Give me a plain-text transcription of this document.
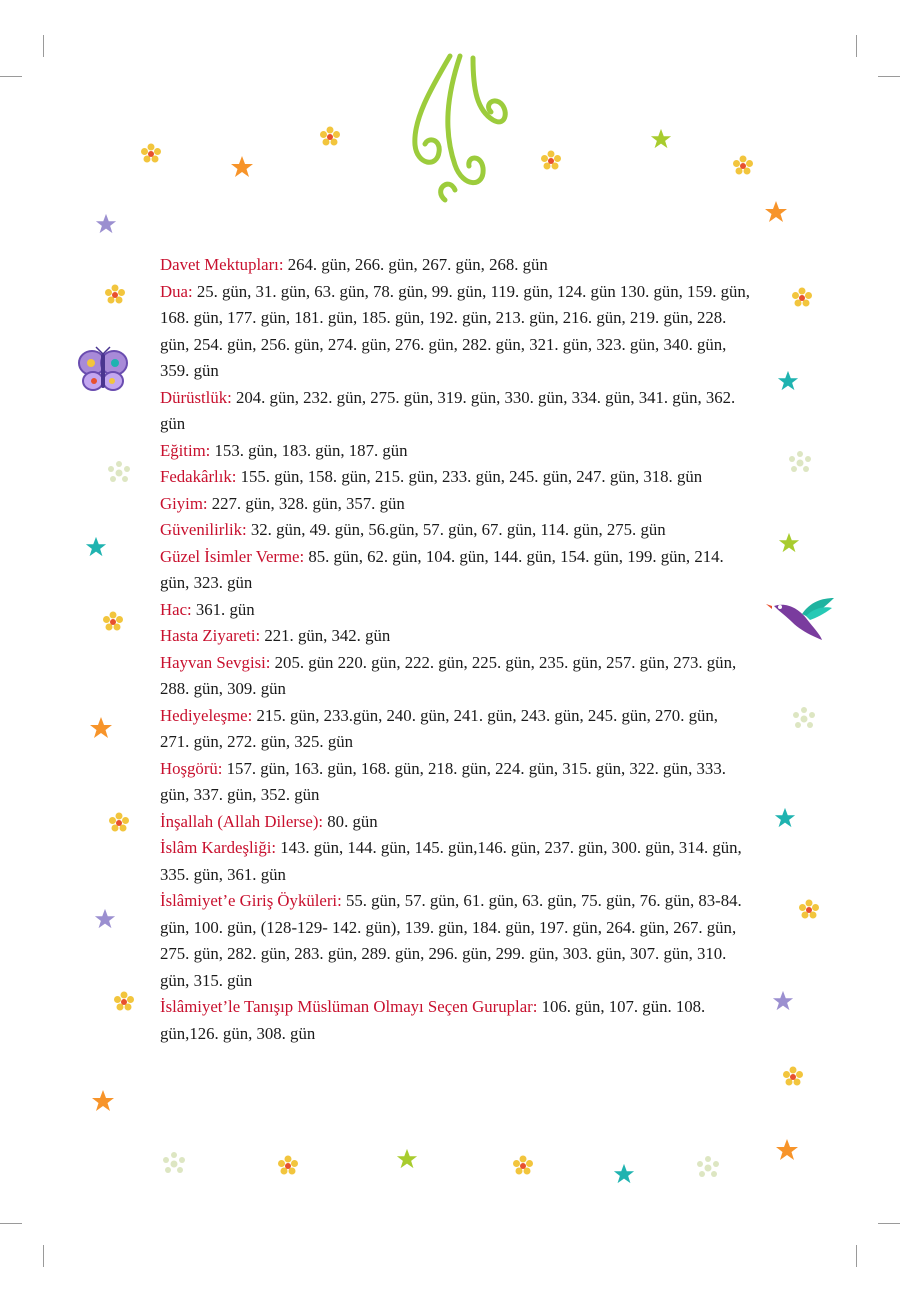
Davet Mektupları: 264. gün, 266. gün, 267. gün, 268. gün

Dua: 25. gün, 31. gün, 63. gün, 78. gün, 99. gün, 119. gün, 124. gün 130. gün, 159. gün, 168. gün, 177. gün, 181. gün, 185. gün, 192. gün, 213. gün, 216. gün, 219. gün, 228. gün, 254. gün, 256. gün, 274. gün, 276. gün, 282. gün, 321. gün, 323. gün, 340. gün, 359. gün

Dürüstlük: 204. gün, 232. gün, 275. gün, 319. gün, 330. gün, 334. gün, 341. gün, 362. gün

Eğitim: 153. gün, 183. gün, 187. gün

Fedakârlık: 155. gün, 158. gün, 215. gün, 233. gün, 245. gün, 247. gün, 318. gün

Giyim: 227. gün, 328. gün, 357. gün

Güvenilirlik: 32. gün, 49. gün, 56.gün, 57. gün, 67. gün, 114. gün, 275. gün

Güzel İsimler Verme: 85. gün, 62. gün, 104. gün, 144. gün, 154. gün, 199. gün, 214. gün, 323. gün

Hac: 361. gün

Hasta Ziyareti: 221. gün, 342. gün

Hayvan Sevgisi: 205. gün 220. gün, 222. gün, 225. gün, 235. gün, 257. gün, 273. gün, 288. gün, 309. gün

Hediyeleşme: 215. gün, 233.gün, 240. gün, 241. gün, 243. gün, 245. gün, 270. gün, 271. gün, 272. gün, 325. gün

Hoşgörü: 157. gün, 163. gün, 168. gün, 218. gün, 224. gün, 315. gün, 322. gün, 333. gün, 337. gün, 352. gün

İnşallah (Allah Dilerse): 80. gün

İslâm Kardeşliği: 143. gün, 144. gün, 145. gün,146. gün, 237. gün, 300. gün, 314. gün, 335. gün, 361. gün

İslâmiyet’e Giriş Öyküleri: 55. gün, 57. gün, 61. gün, 63. gün, 75. gün, 76. gün, 83-84. gün, 100. gün, (128-129- 142. gün), 139. gün, 184. gün, 197. gün, 264. gün, 267. gün, 275. gün, 282. gün, 283. gün, 289. gün, 296. gün, 299. gün, 303. gün, 307. gün, 310. gün, 315. gün

İslâmiyet’le Tanışıp Müslüman Olmayı Seçen Guruplar: 106. gün, 107. gün. 108. gün,126. gün, 308. gün
